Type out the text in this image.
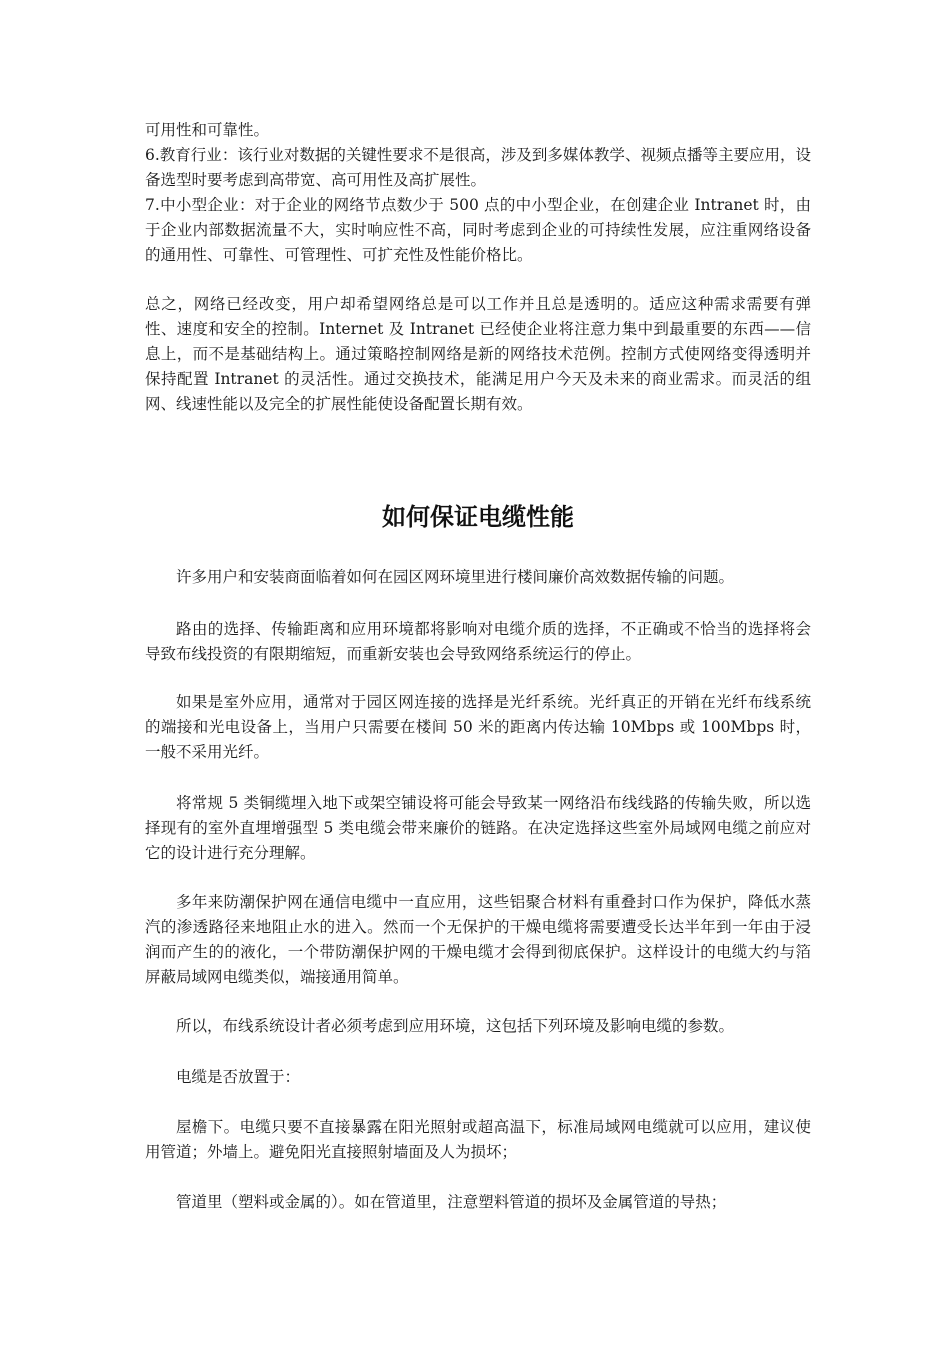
可用性和可靠性。

6.教育行业：该行业对数据的关键性要求不是很高，涉及到多媒体教学、视频点播等主要应用，设备选型时要考虑到高带宽、高可用性及高扩展性。

7.中小型企业：对于企业的网络节点数少于 500 点的中小型企业，在创建企业 Intranet 时，由于企业内部数据流量不大，实时响应性不高，同时考虑到企业的可持续性发展，应注重网络设备的通用性、可靠性、可管理性、可扩充性及性能价格比。

总之，网络已经改变，用户却希望网络总是可以工作并且总是透明的。适应这种需求需要有弹性、速度和安全的控制。Internet 及 Intranet 已经使企业将注意力集中到最重要的东西——信息上，而不是基础结构上。通过策略控制网络是新的网络技术范例。控制方式使网络变得透明并保持配置 Intranet 的灵活性。通过交换技术，能满足用户今天及未来的商业需求。而灵活的组网、线速性能以及完全的扩展性能使设备配置长期有效。

如何保证电缆性能

许多用户和安装商面临着如何在园区网环境里进行楼间廉价高效数据传输的问题。

路由的选择、传输距离和应用环境都将影响对电缆介质的选择，不正确或不恰当的选择将会导致布线投资的有限期缩短，而重新安装也会导致网络系统运行的停止。

如果是室外应用，通常对于园区网连接的选择是光纤系统。光纤真正的开销在光纤布线系统的端接和光电设备上，当用户只需要在楼间 50 米的距离内传达输 10Mbps 或 100Mbps 时，一般不采用光纤。

将常规 5 类铜缆埋入地下或架空铺设将可能会导致某一网络沿布线线路的传输失败，所以选择现有的室外直埋增强型 5 类电缆会带来廉价的链路。在决定选择这些室外局域网电缆之前应对它的设计进行充分理解。

多年来防潮保护网在通信电缆中一直应用，这些铝聚合材料有重叠封口作为保护，降低水蒸汽的渗透路径来地阻止水的进入。然而一个无保护的干燥电缆将需要遭受长达半年到一年由于浸润而产生的的液化，一个带防潮保护网的干燥电缆才会得到彻底保护。这样设计的电缆大约与箔屏蔽局域网电缆类似，端接通用简单。

所以，布线系统设计者必须考虑到应用环境，这包括下列环境及影响电缆的参数。

电缆是否放置于：

屋檐下。电缆只要不直接暴露在阳光照射或超高温下，标准局域网电缆就可以应用，建议使用管道；外墙上。避免阳光直接照射墙面及人为损坏；

管道里（塑料或金属的）。如在管道里，注意塑料管道的损坏及金属管道的导热；
